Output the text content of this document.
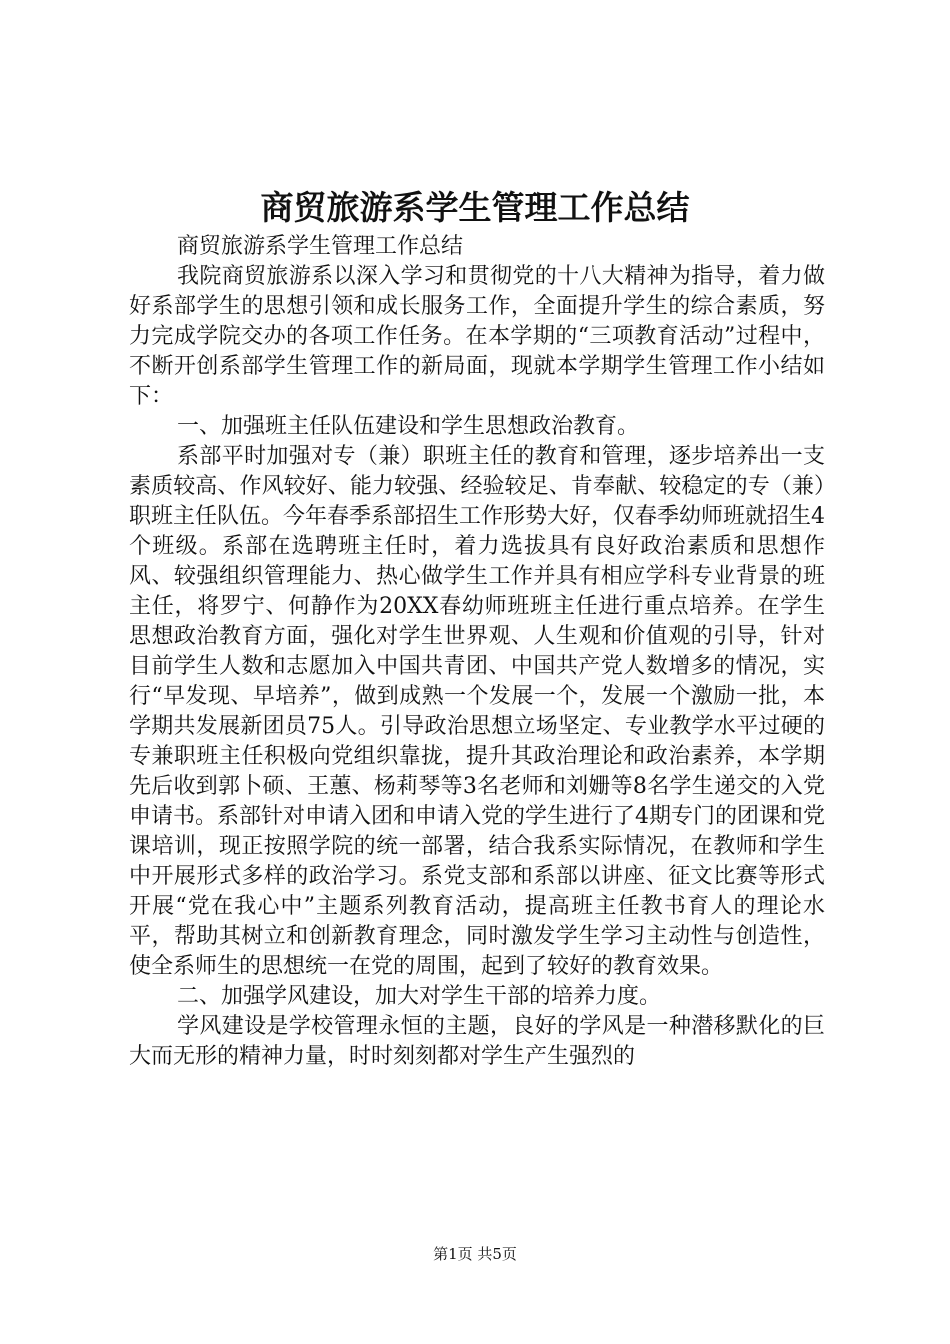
商贸旅游系学生管理工作总结

商贸旅游系学生管理工作总结

我院商贸旅游系以深入学习和贯彻党的十八大精神为指导，着力做好系部学生的思想引领和成长服务工作，全面提升学生的综合素质，努力完成学院交办的各项工作任务。在本学期的“三项教育活动”过程中，不断开创系部学生管理工作的新局面，现就本学期学生管理工作小结如下：

一、加强班主任队伍建设和学生思想政治教育。

系部平时加强对专（兼）职班主任的教育和管理，逐步培养出一支素质较高、作风较好、能力较强、经验较足、肯奉献、较稳定的专（兼）职班主任队伍。今年春季系部招生工作形势大好，仅春季幼师班就招生4个班级。系部在选聘班主任时，着力选拔具有良好政治素质和思想作风、较强组织管理能力、热心做学生工作并具有相应学科专业背景的班主任，将罗宁、何静作为20XX春幼师班班主任进行重点培养。在学生思想政治教育方面，强化对学生世界观、人生观和价值观的引导，针对目前学生人数和志愿加入中国共青团、中国共产党人数增多的情况，实行“早发现、早培养”，做到成熟一个发展一个，发展一个激励一批，本学期共发展新团员75人。引导政治思想立场坚定、专业教学水平过硬的专兼职班主任积极向党组织靠拢，提升其政治理论和政治素养，本学期先后收到郭卜硕、王蕙、杨莉琴等3名老师和刘姗等8名学生递交的入党申请书。系部针对申请入团和申请入党的学生进行了4期专门的团课和党课培训，现正按照学院的统一部署，结合我系实际情况，在教师和学生中开展形式多样的政治学习。系党支部和系部以讲座、征文比赛等形式开展“党在我心中”主题系列教育活动，提高班主任教书育人的理论水平，帮助其树立和创新教育理念，同时激发学生学习主动性与创造性，使全系师生的思想统一在党的周围，起到了较好的教育效果。

二、加强学风建设，加大对学生干部的培养力度。

学风建设是学校管理永恒的主题，良好的学风是一种潜移默化的巨大而无形的精神力量，时时刻刻都对学生产生强烈的

第1页 共5页
